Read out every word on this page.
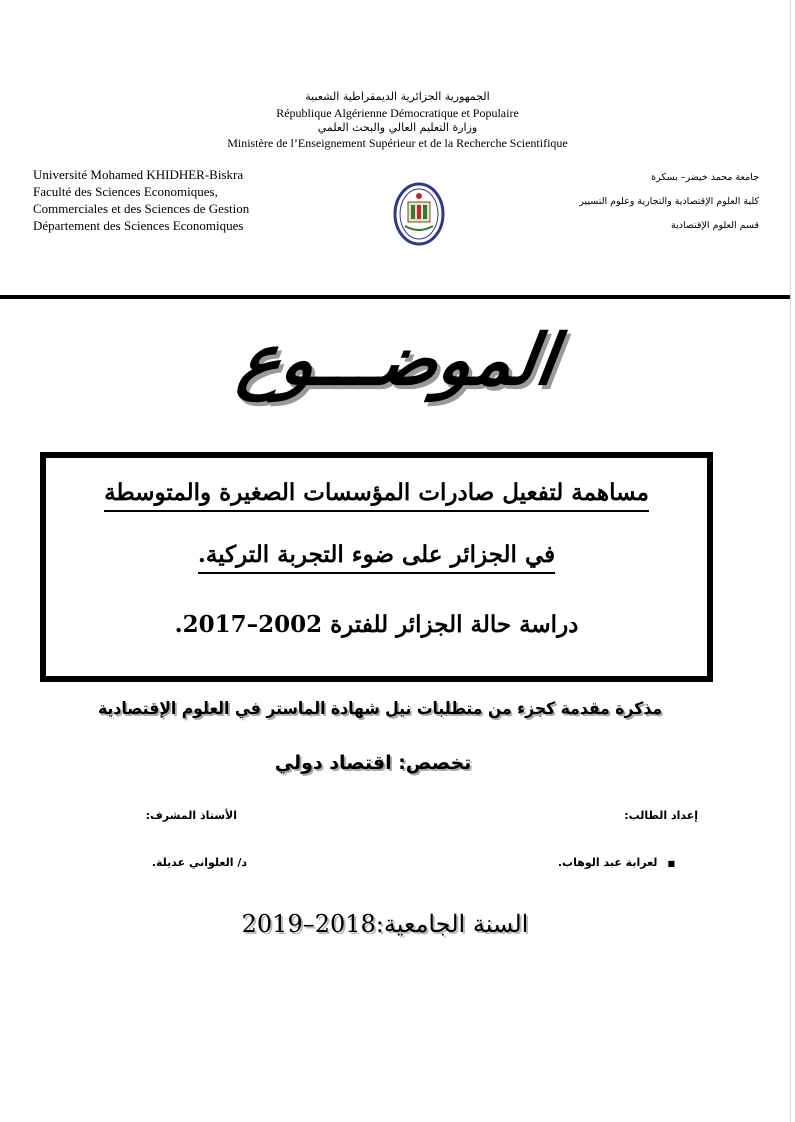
الجمهورية الجزائرية الديمقراطية الشعبية
République Algérienne Démocratique et Populaire
وزارة التعليم العالي والبحث العلمي
Ministère de l’Enseignement Supérieur et de la Recherche Scientifique
Université Mohamed KHIDHER-Biskra
Faculté des Sciences Economiques,
Commerciales et des Sciences de Gestion
Département des Sciences Economiques
جامعة محمد خيضر– بسكرة
كلية العلوم الإقتصادية والتجارية وعلوم التسيير
قسم العلوم الإقتصادية
الموضـــوع
مساهمة لتفعيل صادرات المؤسسات الصغيرة والمتوسطة
في الجزائر على ضوء التجربة التركية.
دراسة حالة الجزائر للفترة 2002–2017.
مذكرة مقدمة كجزء من متطلبات نيل شهادة الماستر في العلوم الإقتصادية
تخصص: اقتصاد دولي
إعداد الطالب:
الأستاذ المشرف:
■لعرابة عبد الوهاب.
د/ العلواني عديلة.
السنة الجامعية:2018–2019
